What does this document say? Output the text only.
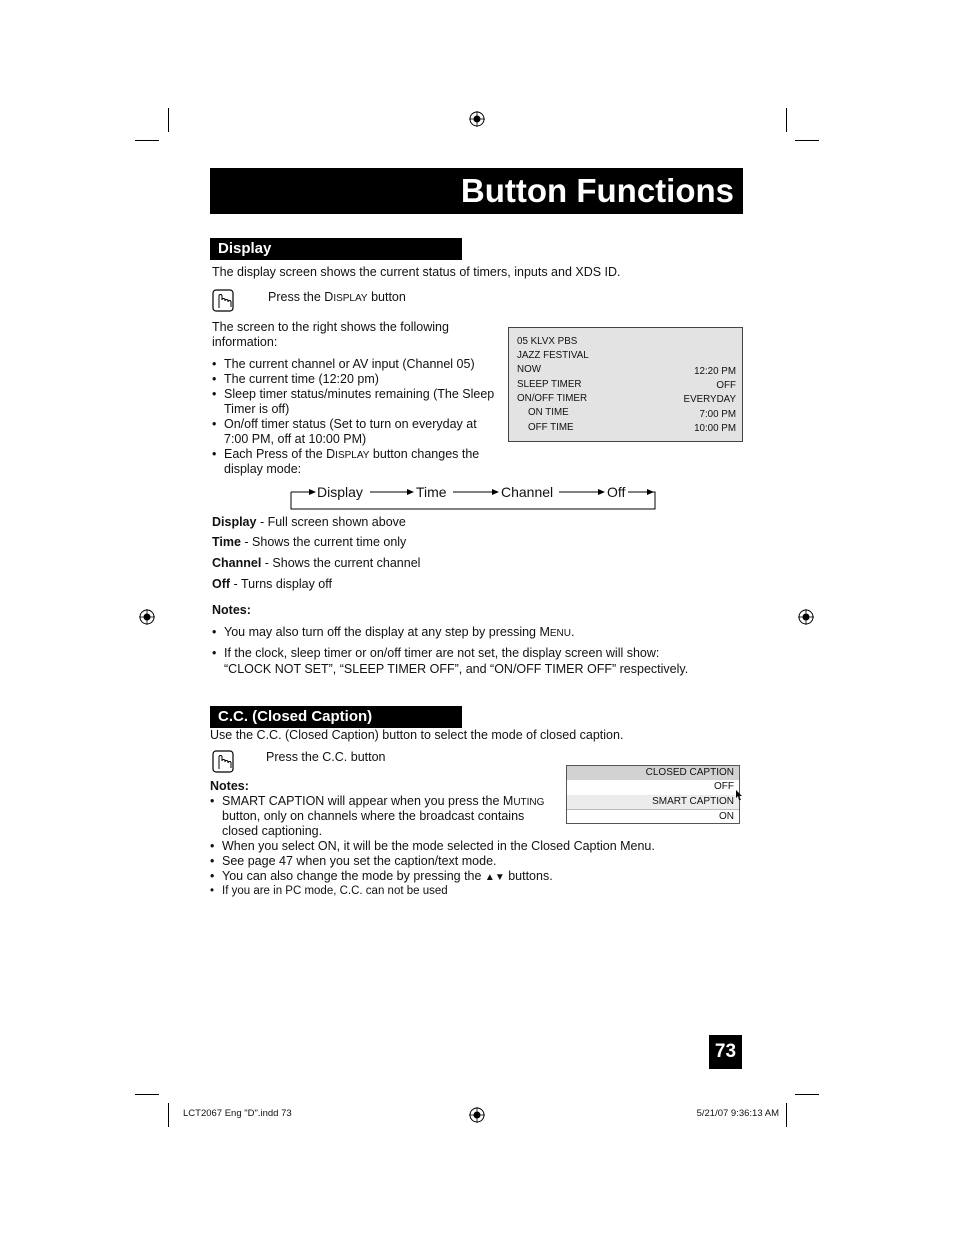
Button Functions
Display
The display screen shows the current status of timers, inputs and XDS ID.
Press the DISPLAY button
The screen to the right shows the following
information:
• The current channel or AV input (Channel 05)
• The current time (12:20 pm)
• Sleep timer status/minutes remaining (The Sleep
Timer is off)
• On/off timer status (Set to turn on everyday at
7:00 PM, off at 10:00 PM)
• Each Press of the DISPLAY button changes the
display mode:
05 KLVX PBS
JAZZ FESTIVAL
NOW	12:20 PM
SLEEP TIMER	OFF
ON/OFF TIMER	EVERYDAY
ON TIME	7:00 PM
OFF TIME	10:00 PM
Display	Time	Channel	Off
Display - Full screen shown above
Time - Shows the current time only
Channel - Shows the current channel
Off - Turns display off
Notes:
• You may also turn off the display at any step by pressing MENU.
• If the clock, sleep timer or on/off timer are not set, the display screen will show:
“CLOCK NOT SET”, “SLEEP TIMER OFF”, and “ON/OFF TIMER OFF” respectively.
C.C. (Closed Caption)
Use the C.C. (Closed Caption) button to select the mode of closed caption.
Press the C.C. button
Notes:
• SMART CAPTION will appear when you press the MUTING
button, only on channels where the broadcast contains
closed captioning.
• When you select ON, it will be the mode selected in the Closed Caption Menu.
• See page 47 when you set the caption/text mode.
• You can also change the mode by pressing the ▲▼ buttons.
• If you are in PC mode, C.C. can not be used
CLOSED CAPTION
OFF
SMART CAPTION
ON
73
LCT2067 Eng "D".indd 73	5/21/07 9:36:13 AM
